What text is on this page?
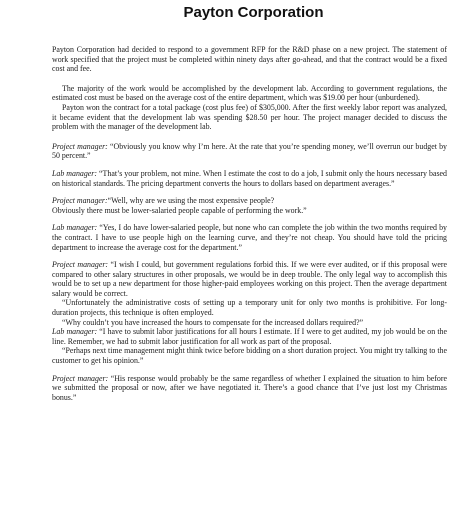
Payton Corporation

Payton Corporation had decided to respond to a government RFP for the R&D phase on a new project. The statement of work specified that the project must be completed within ninety days after go-ahead, and that the contract would be a fixed cost and fee.

The majority of the work would be accomplished by the development lab. According to government regulations, the estimated cost must be based on the average cost of the entire department, which was $19.00 per hour (unburdened).

Payton won the contract for a total package (cost plus fee) of $305,000. After the first weekly labor report was analyzed, it became evident that the development lab was spending $28.50 per hour. The project manager decided to discuss the problem with the manager of the development lab.

Project manager: “Obviously you know why I’m here. At the rate that you’re spending money, we’ll overrun our budget by 50 percent.”

Lab manager: “That’s your problem, not mine. When I estimate the cost to do a job, I submit only the hours necessary based on historical standards. The pricing department converts the hours to dollars based on department averages.”

Project manager:“Well, why are we using the most expensive people?

Obviously there must be lower-salaried people capable of performing the work.”

Lab manager: “Yes, I do have lower-salaried people, but none who can complete the job within the two months required by the contract. I have to use people high on the learning curve, and they’re not cheap. You should have told the pricing department to increase the average cost for the department.”

Project manager: “I wish I could, but government regulations forbid this. If we were ever audited, or if this proposal were compared to other salary structures in other proposals, we would be in deep trouble. The only legal way to accomplish this would be to set up a new department for those higher-paid employees working on this project. Then the average department salary would be correct.

“Unfortunately the administrative costs of setting up a temporary unit for only two months is prohibitive. For long-duration projects, this technique is often employed.

“Why couldn’t you have increased the hours to compensate for the increased dollars required?”

Lab manager: “I have to submit labor justifications for all hours I estimate. If I were to get audited, my job would be on the line. Remember, we had to submit labor justification for all work as part of the proposal.

“Perhaps next time management might think twice before bidding on a short duration project. You might try talking to the customer to get his opinion.”

Project manager: “His response would probably be the same regardless of whether I explained the situation to him before we submitted the proposal or now, after we have negotiated it. There’s a good chance that I’ve just lost my Christmas bonus.”
